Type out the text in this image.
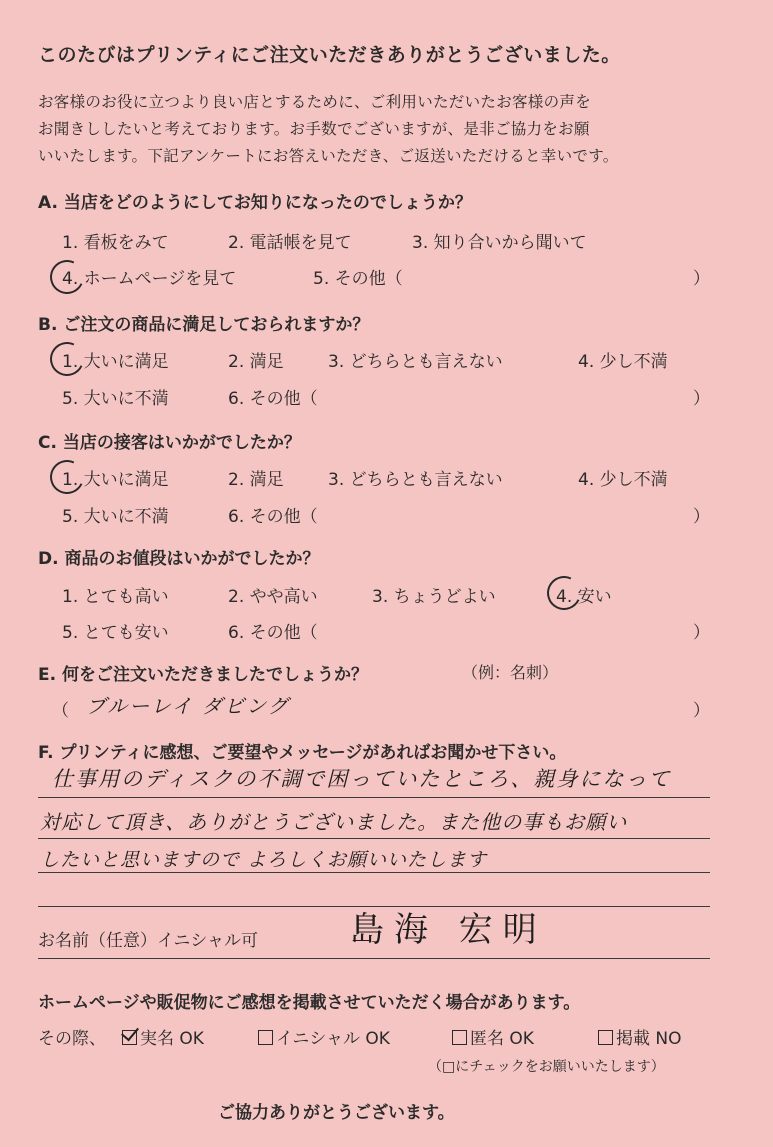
このたびはプリンティにご注文いただきありがとうございました。
お客様のお役に立つより良い店とするために、ご利用いただいたお客様の声を
お聞きししたいと考えております。お手数でございますが、是非ご協力をお願
いいたします。下記アンケートにお答えいただき、ご返送いただけると幸いです。
A. 当店をどのようにしてお知りになったのでしょうか？
1. 看板をみて	2. 電話帳を見て	3. 知り合いから聞いて
4. ホームページを見て	5. その他（	）
B. ご注文の商品に満足しておられますか？
1. 大いに満足	2. 満足	3. どちらとも言えない	4. 少し不満
5. 大いに不満	6. その他（	）
C. 当店の接客はいかがでしたか？
1. 大いに満足	2. 満足	3. どちらとも言えない	4. 少し不満
5. 大いに不満	6. その他（	）
D. 商品のお値段はいかがでしたか？
1. とても高い	2. やや高い	3. ちょうどよい	4. 安い
5. とても安い	6. その他（	）
E. 何をご注文いただきましたでしょうか？	（例：名刺）
（ ブルーレイ ダビング	）
F. プリンティに感想、ご要望やメッセージがあればお聞かせ下さい。
仕事用のディスクの不調で困っていたところ、親身になって
対応して頂き、ありがとうございました。また他の事もお願い
したいと思いますので よろしくお願いいたします
お名前（任意）イニシャル可	島海 宏明
ホームページや販促物にご感想を掲載させていただく場合があります。
その際、	実名 OK	イニシャル OK	匿名 OK	掲載 NO
（□にチェックをお願いいたします）
ご協力ありがとうございます。
